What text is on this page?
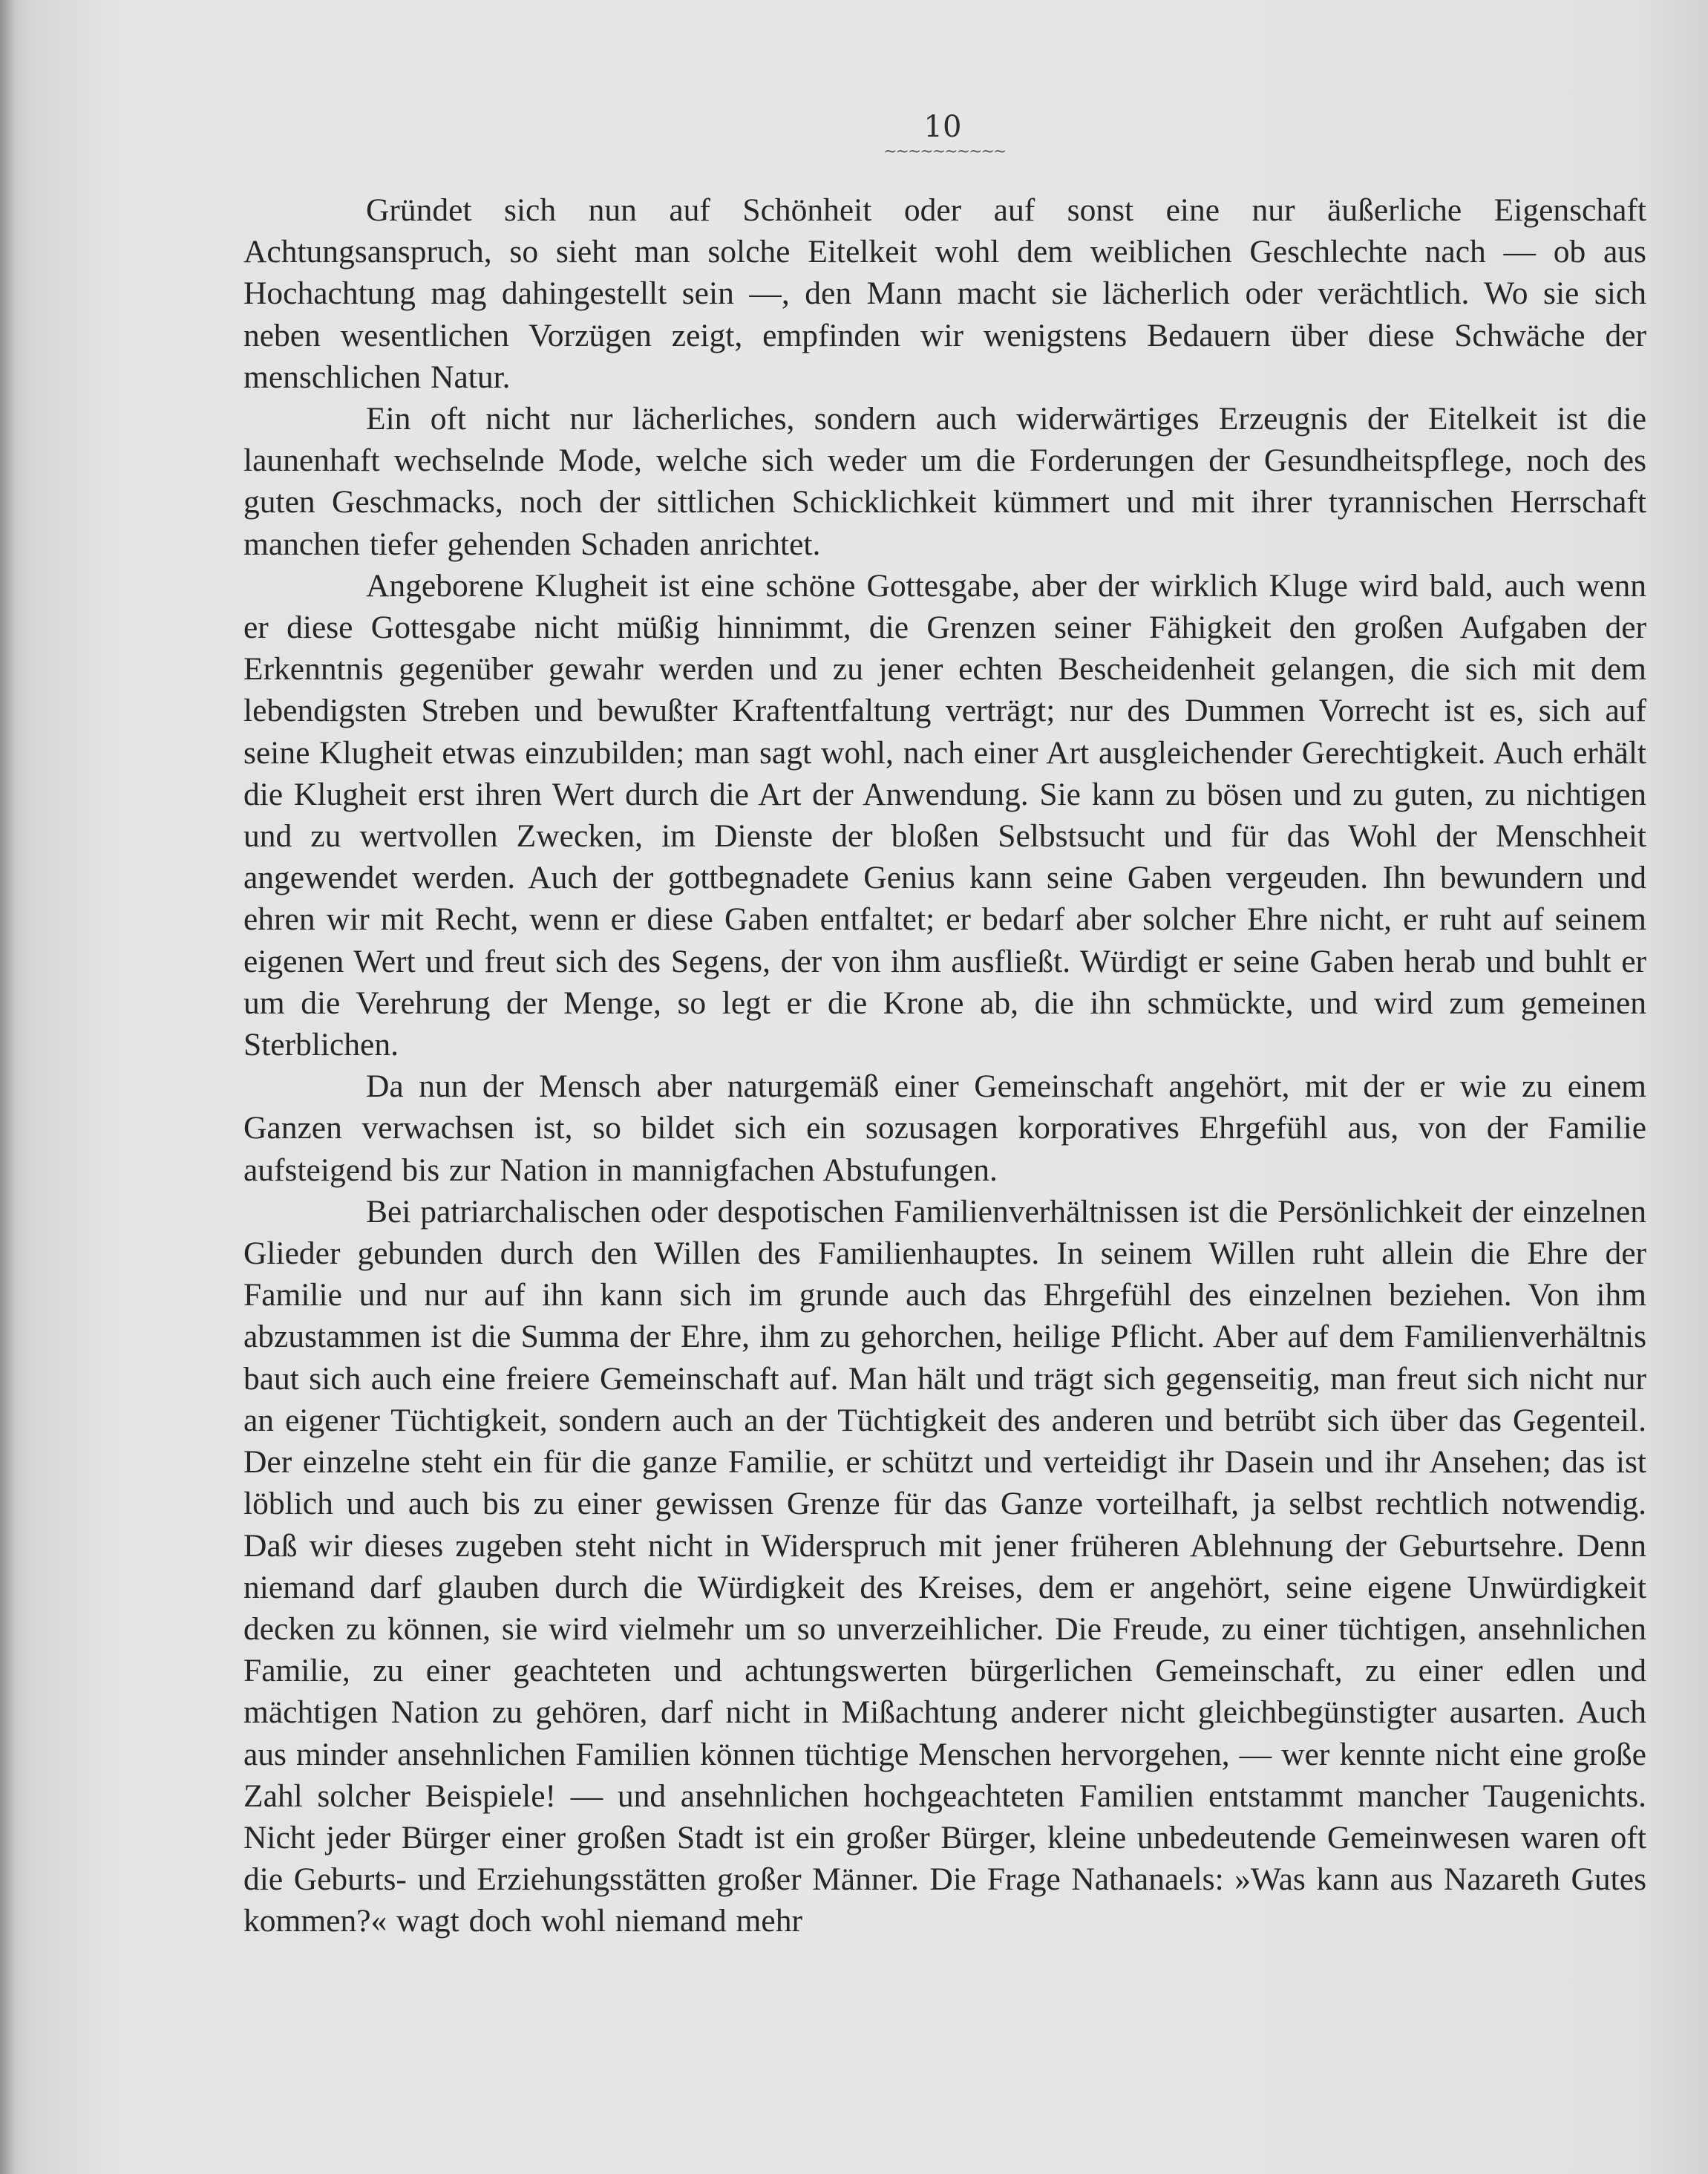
10
~~~~~~~~~~

Gründet sich nun auf Schönheit oder auf sonst eine nur äußerliche Eigenschaft Achtungsanspruch, so sieht man solche Eitelkeit wohl dem weiblichen Geschlechte nach — ob aus Hochachtung mag dahingestellt sein —, den Mann macht sie lächerlich oder verächtlich. Wo sie sich neben wesentlichen Vorzügen zeigt, empfinden wir wenigstens Bedauern über diese Schwäche der menschlichen Natur.

Ein oft nicht nur lächerliches, sondern auch widerwärtiges Erzeugnis der Eitelkeit ist die launenhaft wechselnde Mode, welche sich weder um die Forderungen der Gesundheitspflege, noch des guten Geschmacks, noch der sittlichen Schicklichkeit kümmert und mit ihrer tyrannischen Herrschaft manchen tiefer gehenden Schaden anrichtet.

Angeborene Klugheit ist eine schöne Gottesgabe, aber der wirklich Kluge wird bald, auch wenn er diese Gottesgabe nicht müßig hinnimmt, die Grenzen seiner Fähigkeit den großen Aufgaben der Erkenntnis gegenüber gewahr werden und zu jener echten Bescheidenheit gelangen, die sich mit dem lebendigsten Streben und bewußter Kraftentfaltung verträgt; nur des Dummen Vorrecht ist es, sich auf seine Klugheit etwas einzubilden; man sagt wohl, nach einer Art ausgleichender Gerechtigkeit. Auch erhält die Klugheit erst ihren Wert durch die Art der Anwendung. Sie kann zu bösen und zu guten, zu nichtigen und zu wertvollen Zwecken, im Dienste der bloßen Selbstsucht und für das Wohl der Menschheit angewendet werden. Auch der gottbegnadete Genius kann seine Gaben vergeuden. Ihn bewundern und ehren wir mit Recht, wenn er diese Gaben entfaltet; er bedarf aber solcher Ehre nicht, er ruht auf seinem eigenen Wert und freut sich des Segens, der von ihm ausfließt. Würdigt er seine Gaben herab und buhlt er um die Verehrung der Menge, so legt er die Krone ab, die ihn schmückte, und wird zum gemeinen Sterblichen.

Da nun der Mensch aber naturgemäß einer Gemeinschaft angehört, mit der er wie zu einem Ganzen verwachsen ist, so bildet sich ein sozusagen korporatives Ehrgefühl aus, von der Familie aufsteigend bis zur Nation in mannigfachen Abstufungen.

Bei patriarchalischen oder despotischen Familienverhältnissen ist die Persönlichkeit der einzelnen Glieder gebunden durch den Willen des Familienhauptes. In seinem Willen ruht allein die Ehre der Familie und nur auf ihn kann sich im grunde auch das Ehrgefühl des einzelnen beziehen. Von ihm abzustammen ist die Summa der Ehre, ihm zu gehorchen, heilige Pflicht. Aber auf dem Familienverhältnis baut sich auch eine freiere Gemeinschaft auf. Man hält und trägt sich gegenseitig, man freut sich nicht nur an eigener Tüchtigkeit, sondern auch an der Tüchtigkeit des anderen und betrübt sich über das Gegenteil. Der einzelne steht ein für die ganze Familie, er schützt und verteidigt ihr Dasein und ihr Ansehen; das ist löblich und auch bis zu einer gewissen Grenze für das Ganze vorteilhaft, ja selbst rechtlich notwendig. Daß wir dieses zugeben steht nicht in Widerspruch mit jener früheren Ablehnung der Geburtsehre. Denn niemand darf glauben durch die Würdigkeit des Kreises, dem er angehört, seine eigene Unwürdigkeit decken zu können, sie wird vielmehr um so unverzeihlicher. Die Freude, zu einer tüchtigen, ansehnlichen Familie, zu einer geachteten und achtungswerten bürgerlichen Gemeinschaft, zu einer edlen und mächtigen Nation zu gehören, darf nicht in Mißachtung anderer nicht gleichbegünstigter ausarten. Auch aus minder ansehnlichen Familien können tüchtige Menschen hervorgehen, — wer kennte nicht eine große Zahl solcher Beispiele! — und ansehnlichen hochgeachteten Familien entstammt mancher Taugenichts. Nicht jeder Bürger einer großen Stadt ist ein großer Bürger, kleine unbedeutende Gemeinwesen waren oft die Geburts- und Erziehungsstätten großer Männer. Die Frage Nathanaels: »Was kann aus Nazareth Gutes kommen?« wagt doch wohl niemand mehr
